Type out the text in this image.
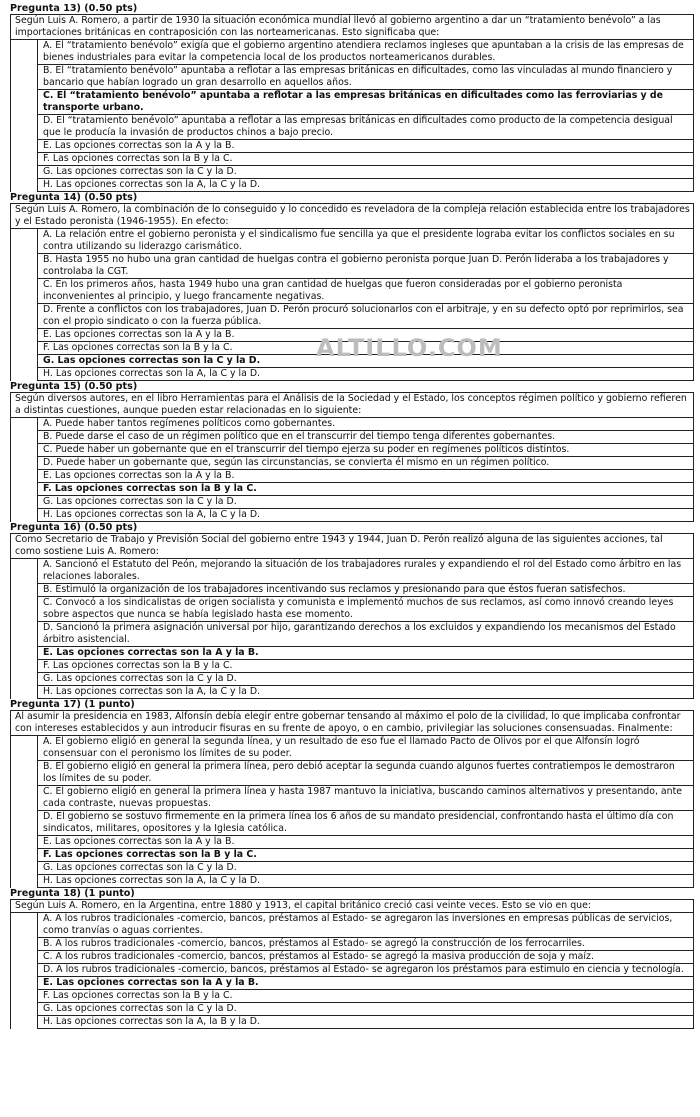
Pregunta 13) (0.50 pts)
Según Luis A. Romero, a partir de 1930 la situación económica mundial llevó al gobierno argentino a dar un “tratamiento benévolo” a las importaciones británicas en contraposición con las norteamericanas. Esto significaba que:
A. El “tratamiento benévolo” exigía que el gobierno argentino atendiera reclamos ingleses que apuntaban a la crisis de las empresas de bienes industriales para evitar la competencia local de los productos norteamericanos durables.
B. El “tratamiento benévolo” apuntaba a reflotar a las empresas británicas en dificultades, como las vinculadas al mundo financiero y bancario que habían logrado un gran desarrollo en aquellos años.
C. El “tratamiento benévolo” apuntaba a reflotar a las empresas británicas en dificultades como las ferroviarias y de transporte urbano.
D. El “tratamiento benévolo” apuntaba a reflotar a las empresas británicas en dificultades como producto de la competencia desigual que le producía la invasión de productos chinos a bajo precio.
E. Las opciones correctas son la A y la B.
F. Las opciones correctas son la B y la C.
G. Las opciones correctas son la C y la D.
H. Las opciones correctas son la A, la C y la D.
Pregunta 14) (0.50 pts)
Según Luis A. Romero, la combinación de lo conseguido y lo concedido es reveladora de la compleja relación establecida entre los trabajadores y el Estado peronista (1946-1955). En efecto:
A. La relación entre el gobierno peronista y el sindicalismo fue sencilla ya que el presidente lograba evitar los conflictos sociales en su contra utilizando su liderazgo carismático.
B. Hasta 1955 no hubo una gran cantidad de huelgas contra el gobierno peronista porque Juan D. Perón lideraba a los trabajadores y controlaba la CGT.
C. En los primeros años, hasta 1949 hubo una gran cantidad de huelgas que fueron consideradas por el gobierno peronista inconvenientes al principio, y luego francamente negativas.
D. Frente a conflictos con los trabajadores, Juan D. Perón procuró solucionarlos con el arbitraje, y en su defecto optó por reprimirlos, sea con el propio sindicato o con la fuerza pública.
E. Las opciones correctas son la A y la B.
F. Las opciones correctas son la B y la C.
G. Las opciones correctas son la C y la D.
H. Las opciones correctas son la A, la C y la D.
Pregunta 15) (0.50 pts)
Según diversos autores, en el libro Herramientas para el Análisis de la Sociedad y el Estado, los conceptos régimen político y gobierno refieren a distintas cuestiones, aunque pueden estar relacionadas en lo siguiente:
A. Puede haber tantos regímenes políticos como gobernantes.
B. Puede darse el caso de un régimen político que en el transcurrir del tiempo tenga diferentes gobernantes.
C. Puede haber un gobernante que en el transcurrir del tiempo ejerza su poder en regímenes políticos distintos.
D. Puede haber un gobernante que, según las circunstancias, se convierta él mismo en un régimen político.
E. Las opciones correctas son la A y la B.
F. Las opciones correctas son la B y la C.
G. Las opciones correctas son la C y la D.
H. Las opciones correctas son la A, la C y la D.
Pregunta 16) (0.50 pts)
Como Secretario de Trabajo y Previsión Social del gobierno entre 1943 y 1944, Juan D. Perón realizó alguna de las siguientes acciones, tal como sostiene Luis A. Romero:
A. Sancionó el Estatuto del Peón, mejorando la situación de los trabajadores rurales y expandiendo el rol del Estado como árbitro en las relaciones laborales.
B. Estimuló la organización de los trabajadores incentivando sus reclamos y presionando para que éstos fueran satisfechos.
C. Convocó a los sindicalistas de origen socialista y comunista e implementó muchos de sus reclamos, así como innovó creando leyes sobre aspectos que nunca se había legislado hasta ese momento.
D. Sancionó la primera asignación universal por hijo, garantizando derechos a los excluidos y expandiendo los mecanismos del Estado árbitro asistencial.
E. Las opciones correctas son la A y la B.
F. Las opciones correctas son la B y la C.
G. Las opciones correctas son la C y la D.
H. Las opciones correctas son la A, la C y la D.
Pregunta 17) (1 punto)
Al asumir la presidencia en 1983, Alfonsín debía elegir entre gobernar tensando al máximo el polo de la civilidad, lo que implicaba confrontar con intereses establecidos y aun introducir fisuras en su frente de apoyo, o en cambio, privilegiar las soluciones consensuadas. Finalmente:
A. El gobierno eligió en general la segunda línea, y un resultado de eso fue el llamado Pacto de Olivos por el que Alfonsín logró consensuar con el peronismo los límites de su poder.
B. El gobierno eligió en general la primera línea, pero debió aceptar la segunda cuando algunos fuertes contratiempos le demostraron los límites de su poder.
C. El gobierno eligió en general la primera línea y hasta 1987 mantuvo la iniciativa, buscando caminos alternativos y presentando, ante cada contraste, nuevas propuestas.
D. El gobierno se sostuvo firmemente en la primera línea los 6 años de su mandato presidencial, confrontando hasta el último día con sindicatos, militares, opositores y la Iglesia católica.
E. Las opciones correctas son la A y la B.
F. Las opciones correctas son la B y la C.
G. Las opciones correctas son la C y la D.
H. Las opciones correctas son la A, la C y la D.
Pregunta 18) (1 punto)
Según Luis A. Romero, en la Argentina, entre 1880 y 1913, el capital británico creció casi veinte veces. Esto se vio en que:
A. A los rubros tradicionales -comercio, bancos, préstamos al Estado- se agregaron las inversiones en empresas públicas de servicios, como tranvías o aguas corrientes.
B. A los rubros tradicionales -comercio, bancos, préstamos al Estado- se agregó la construcción de los ferrocarriles.
C. A los rubros tradicionales -comercio, bancos, préstamos al Estado- se agregó la masiva producción de soja y maíz.
D. A los rubros tradicionales -comercio, bancos, préstamos al Estado- se agregaron los préstamos para estimulo en ciencia y tecnología.
E. Las opciones correctas son la A y la B.
F. Las opciones correctas son la B y la C.
G. Las opciones correctas son la C y la D.
H. Las opciones correctas son la A, la B y la D.
ALTILLO.COM
